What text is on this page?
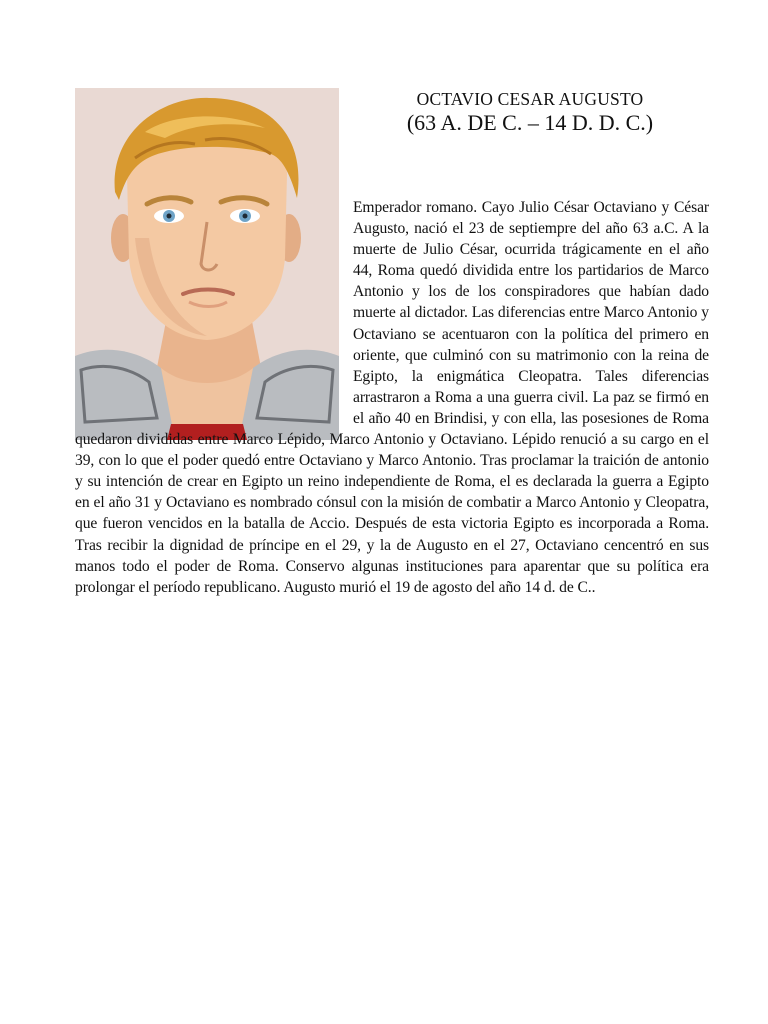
OCTAVIO CESAR AUGUSTO
(63 A. DE C. – 14 D. D. C.)

Emperador romano. Cayo Julio César Octaviano y César Augusto, nació el 23 de septiempre del año 63 a.C. A la muerte de Julio César, ocurrida trágicamente en el año 44, Roma quedó dividida entre los partidarios de Marco Antonio y los de los conspiradores que habían dado muerte al dictador. Las diferencias entre Marco Antonio y Octaviano se acentuaron con la política del primero en oriente, que culminó con su matrimonio con la reina de Egipto, la enigmática Cleopatra. Tales diferencias arrastraron a Roma a una guerra civil. La paz se firmó en el año 40 en Brindisi, y con ella, las posesiones de Roma quedaron divididas entre Marco Lépido, Marco Antonio y Octaviano. Lépido renució a su cargo en el 39, con lo que el poder quedó entre Octaviano y Marco Antonio. Tras proclamar la traición de antonio y su intención de crear en Egipto un reino independiente de Roma, el es declarada la guerra a Egipto en el año 31 y Octaviano es nombrado cónsul con la misión de combatir a Marco Antonio y Cleopatra, que fueron vencidos en la batalla de Accio. Después de esta victoria Egipto es incorporada a Roma. Tras recibir la dignidad de príncipe en el 29, y la de Augusto en el 27, Octaviano cencentró en sus manos todo el poder de Roma. Conservo algunas instituciones para aparentar que su política era prolongar el período republicano. Augusto murió el 19 de agosto del año 14 d. de C..
